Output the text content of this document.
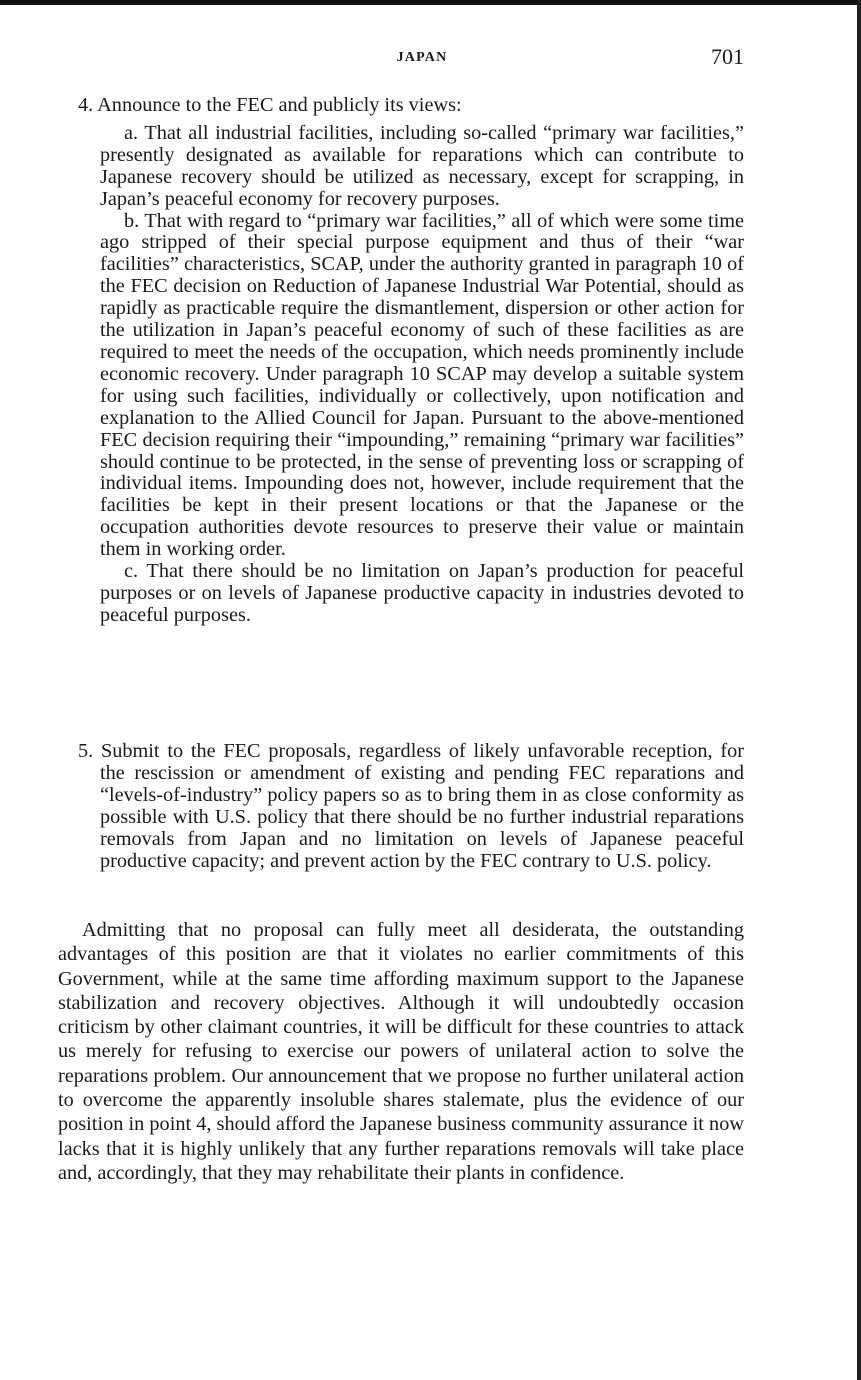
JAPAN	701

4. Announce to the FEC and publicly its views:

a. That all industrial facilities, including so-called “primary war facilities,” presently designated as available for reparations which can contribute to Japanese recovery should be utilized as necessary, except for scrapping, in Japan’s peaceful economy for recovery purposes.

b. That with regard to “primary war facilities,” all of which were some time ago stripped of their special purpose equipment and thus of their “war facilities” characteristics, SCAP, under the authority granted in paragraph 10 of the FEC decision on Reduction of Japanese Industrial War Potential, should as rapidly as practicable require the dismantlement, dispersion or other action for the utilization in Japan’s peaceful economy of such of these facilities as are required to meet the needs of the occupation, which needs prominently include economic recovery. Under paragraph 10 SCAP may develop a suitable system for using such facilities, individually or collectively, upon notification and explanation to the Allied Council for Japan. Pursuant to the above-mentioned FEC decision requiring their “impounding,” remaining “primary war facilities” should continue to be protected, in the sense of preventing loss or scrapping of individual items. Impounding does not, however, include requirement that the facilities be kept in their present locations or that the Japanese or the occupation authorities devote resources to preserve their value or maintain them in working order.

c. That there should be no limitation on Japan’s production for peaceful purposes or on levels of Japanese productive capacity in industries devoted to peaceful purposes.

5. Submit to the FEC proposals, regardless of likely unfavorable reception, for the rescission or amendment of existing and pending FEC reparations and “levels-of-industry” policy papers so as to bring them in as close conformity as possible with U.S. policy that there should be no further industrial reparations removals from Japan and no limitation on levels of Japanese peaceful productive capacity; and prevent action by the FEC contrary to U.S. policy.

Admitting that no proposal can fully meet all desiderata, the outstanding advantages of this position are that it violates no earlier commitments of this Government, while at the same time affording maximum support to the Japanese stabilization and recovery objectives. Although it will undoubtedly occasion criticism by other claimant countries, it will be difficult for these countries to attack us merely for refusing to exercise our powers of unilateral action to solve the reparations problem. Our announcement that we propose no further unilateral action to overcome the apparently insoluble shares stalemate, plus the evidence of our position in point 4, should afford the Japanese business community assurance it now lacks that it is highly unlikely that any further reparations removals will take place and, accordingly, that they may rehabilitate their plants in confidence.
